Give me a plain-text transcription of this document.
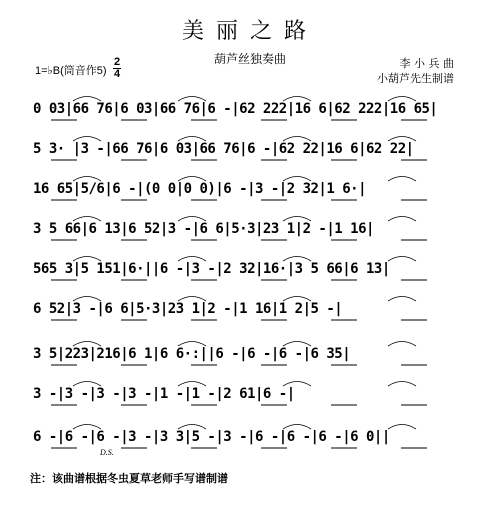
美丽之路
葫芦丝独奏曲
1=♭B(筒音作5)
2
4
李 小 兵 曲
小葫芦先生制谱
0 03|66 76|6 03|66 76|6 -|62 222|16 6|62 222|16 65|
5 3· |3 -|66 76|6 03|66 76|6 -|62 22|16 6|62 22|
16 65|5/6|6 -|(0 0|0 0)|6 -|3 -|2 32|1 6·|
3 5 66|6 13|6 52|3 -|6 6|5·3|23 1|2 -|1 16|
565 3|5 151|6·||6 -|3 -|2 32|16·|3 5 66|6 13|
6 52|3 -|6 6|5·3|23 1|2 -|1 16|1 2|5 -|
3 5|223|216|6 1|6 6·:||6 -|6 -|6 -|6 35|
3 -|3 -|3 -|3 -|1 -|1 -|2 61|6 -|
6 -|6 -|6 -|3 -|3 3|5 -|3 -|6 -|6 -|6 -|6 0||
D.S.
注：该曲谱根据冬虫夏草老师手写谱制谱
